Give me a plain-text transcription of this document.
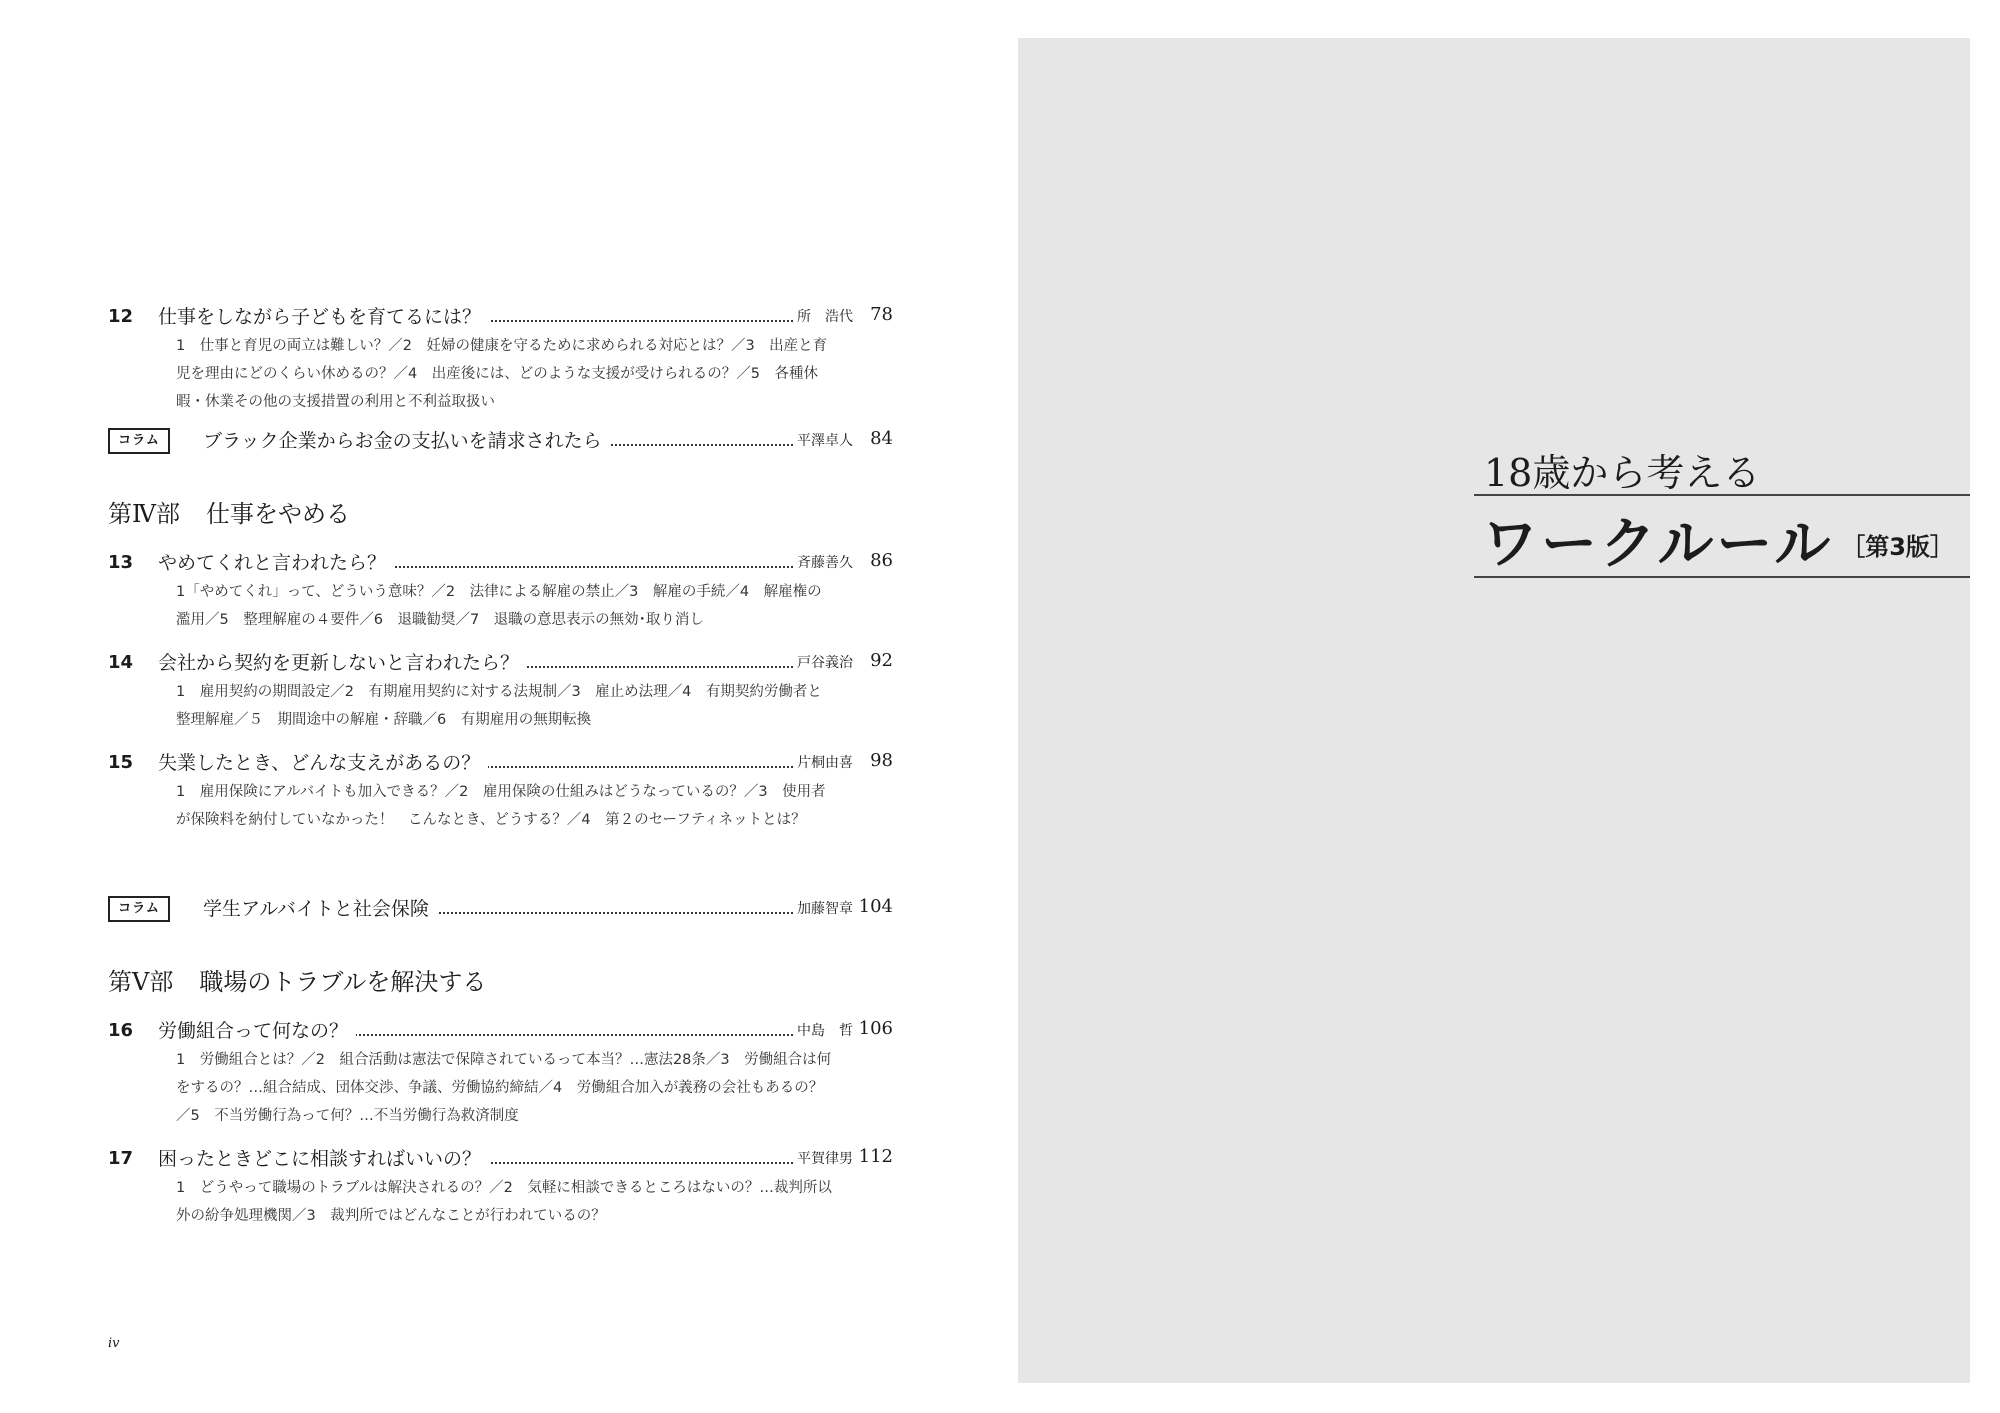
12 仕事をしながら子どもを育てるには？	所　浩代 78
1　仕事と育児の両立は難しい？／2　妊婦の健康を守るために求められる対応とは？／3　出産と育児を理由にどのくらい休めるの？／4　出産後には、どのような支援が受けられるの？／5　各種休暇・休業その他の支援措置の利用と不利益取扱い
コラム	ブラック企業からお金の支払いを請求されたら	平澤卓人 84
第Ⅳ部 仕事をやめる
13 やめてくれと言われたら？	斉藤善久 86
1「やめてくれ」って、どういう意味？／2　法律による解雇の禁止／3　解雇の手続／4　解雇権の濫用／5　整理解雇の４要件／6　退職勧奨／7　退職の意思表示の無効･取り消し
14 会社から契約を更新しないと言われたら？	戸谷義治 92
1　雇用契約の期間設定／2　有期雇用契約に対する法規制／3　雇止め法理／4　有期契約労働者と整理解雇／５　期間途中の解雇・辞職／6　有期雇用の無期転換
15 失業したとき、どんな支えがあるの？	片桐由喜 98
1　雇用保険にアルバイトも加入できる？／2　雇用保険の仕組みはどうなっているの？／3　使用者が保険料を納付していなかった！　こんなとき、どうする？／4　第２のセーフティネットとは？
コラム	学生アルバイトと社会保険	加藤智章 104
第Ⅴ部 職場のトラブルを解決する
16 労働組合って何なの？	中島　哲 106
1　労働組合とは？／2　組合活動は憲法で保障されているって本当？…憲法28条／3　労働組合は何をするの？…組合結成、団体交渉、争議、労働協約締結／4　労働組合加入が義務の会社もあるの？／5　不当労働行為って何？…不当労働行為救済制度
17 困ったときどこに相談すればいいの？	平賀律男 112
1　どうやって職場のトラブルは解決されるの？／2　気軽に相談できるところはないの？…裁判所以外の紛争処理機関／3　裁判所ではどんなことが行われているの？
iv
18歳から考える
ワークルール ［第3版］
